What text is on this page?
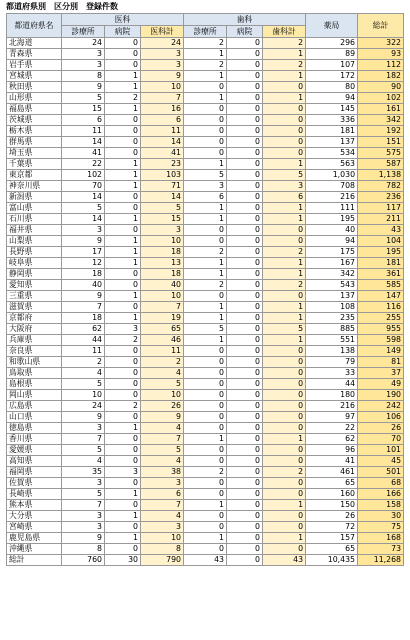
都道府県別　区分別　登録件数
都道府県名	医科			歯科			薬局	総計
	診療所	病院	医科計	診療所	病院	歯科計		
北海道	24	0	24	2	0	2	296	322
青森県	3	0	3	1	0	1	89	93
岩手県	3	0	3	2	0	2	107	112
宮城県	8	1	9	1	0	1	172	182
秋田県	9	1	10	0	0	0	80	90
山形県	5	2	7	1	0	1	94	102
福島県	15	1	16	0	0	0	145	161
茨城県	6	0	6	0	0	0	336	342
栃木県	11	0	11	0	0	0	181	192
群馬県	14	0	14	0	0	0	137	151
埼玉県	41	0	41	0	0	0	534	575
千葉県	22	1	23	1	0	1	563	587
東京都	102	1	103	5	0	5	1,030	1,138
神奈川県	70	1	71	3	0	3	708	782
新潟県	14	0	14	6	0	6	216	236
富山県	5	0	5	1	0	1	111	117
石川県	14	1	15	1	0	1	195	211
福井県	3	0	3	0	0	0	40	43
山梨県	9	1	10	0	0	0	94	104
長野県	17	1	18	2	0	2	175	195
岐阜県	12	1	13	1	0	1	167	181
静岡県	18	0	18	1	0	1	342	361
愛知県	40	0	40	2	0	2	543	585
三重県	9	1	10	0	0	0	137	147
滋賀県	7	0	7	1	0	1	108	116
京都府	18	1	19	1	0	1	235	255
大阪府	62	3	65	5	0	5	885	955
兵庫県	44	2	46	1	0	1	551	598
奈良県	11	0	11	0	0	0	138	149
和歌山県	2	0	2	0	0	0	79	81
鳥取県	4	0	4	0	0	0	33	37
島根県	5	0	5	0	0	0	44	49
岡山県	10	0	10	0	0	0	180	190
広島県	24	2	26	0	0	0	216	242
山口県	9	0	9	0	0	0	97	106
徳島県	3	1	4	0	0	0	22	26
香川県	7	0	7	1	0	1	62	70
愛媛県	5	0	5	0	0	0	96	101
高知県	4	0	4	0	0	0	41	45
福岡県	35	3	38	2	0	2	461	501
佐賀県	3	0	3	0	0	0	65	68
長崎県	5	1	6	0	0	0	160	166
熊本県	7	0	7	1	0	1	150	158
大分県	3	1	4	0	0	0	26	30
宮崎県	3	0	3	0	0	0	72	75
鹿児島県	9	1	10	1	0	1	157	168
沖縄県	8	0	8	0	0	0	65	73
総計	760	30	790	43	0	43	10,435	11,268
